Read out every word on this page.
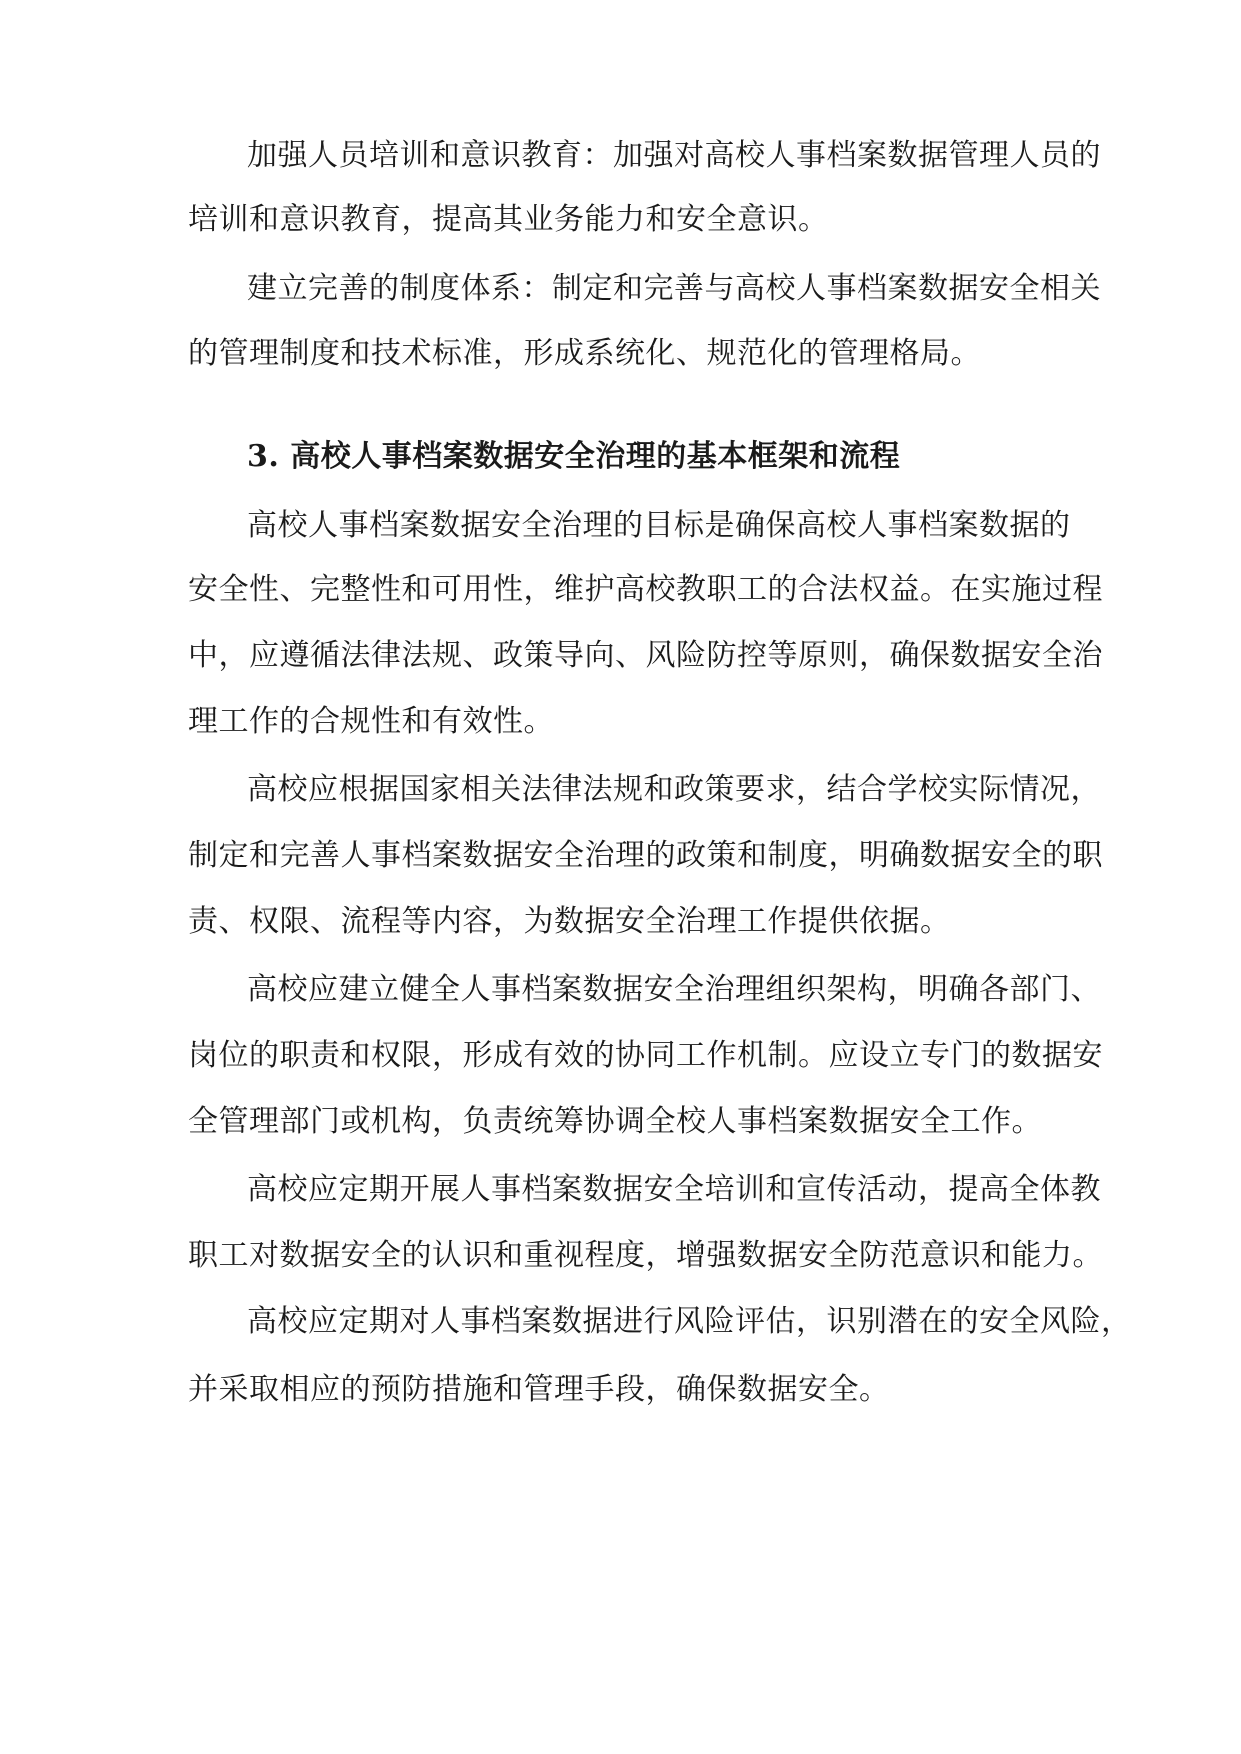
加强人员培训和意识教育：加强对高校人事档案数据管理人员的
培训和意识教育，提高其业务能力和安全意识。
建立完善的制度体系：制定和完善与高校人事档案数据安全相关
的管理制度和技术标准，形成系统化、规范化的管理格局。
3. 高校人事档案数据安全治理的基本框架和流程
高校人事档案数据安全治理的目标是确保高校人事档案数据的
安全性、完整性和可用性，维护高校教职工的合法权益。在实施过程
中，应遵循法律法规、政策导向、风险防控等原则，确保数据安全治
理工作的合规性和有效性。
高校应根据国家相关法律法规和政策要求，结合学校实际情况，
制定和完善人事档案数据安全治理的政策和制度，明确数据安全的职
责、权限、流程等内容，为数据安全治理工作提供依据。
高校应建立健全人事档案数据安全治理组织架构，明确各部门、
岗位的职责和权限，形成有效的协同工作机制。应设立专门的数据安
全管理部门或机构，负责统筹协调全校人事档案数据安全工作。
高校应定期开展人事档案数据安全培训和宣传活动，提高全体教
职工对数据安全的认识和重视程度，增强数据安全防范意识和能力。
高校应定期对人事档案数据进行风险评估，识别潜在的安全风险，
并采取相应的预防措施和管理手段，确保数据安全。
